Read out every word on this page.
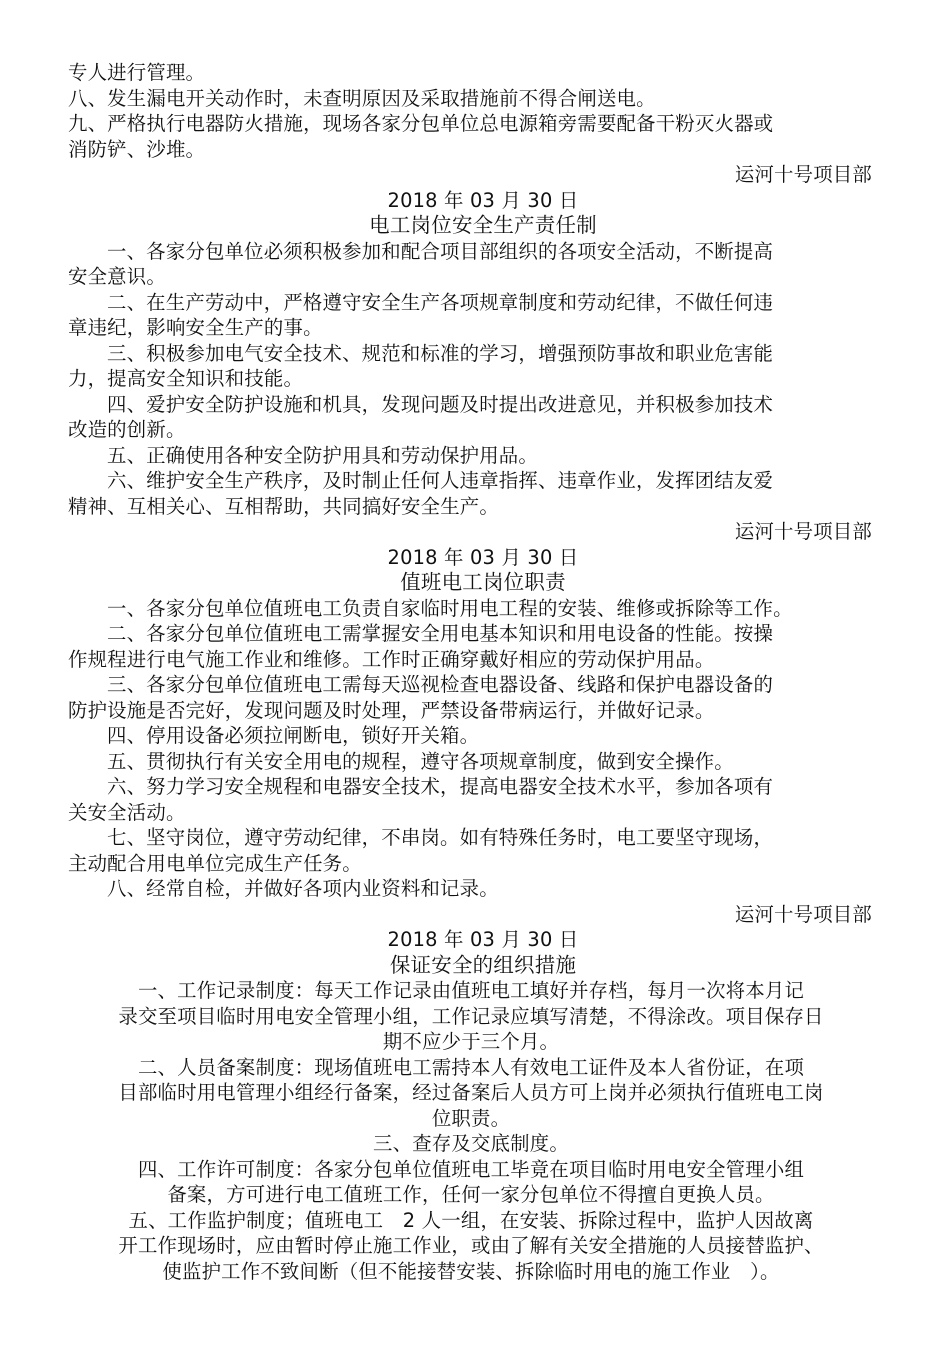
专人进行管理。
八、发生漏电开关动作时，未查明原因及采取措施前不得合闸送电。
九、严格执行电器防火措施，现场各家分包单位总电源箱旁需要配备干粉灭火器或
消防铲、沙堆。
运河十号项目部
2018 年 03 月 30 日
电工岗位安全生产责任制
一、各家分包单位必须积极参加和配合项目部组织的各项安全活动，不断提高
安全意识。
二、在生产劳动中，严格遵守安全生产各项规章制度和劳动纪律，不做任何违
章违纪，影响安全生产的事。
三、积极参加电气安全技术、规范和标准的学习，增强预防事故和职业危害能
力，提高安全知识和技能。
四、爱护安全防护设施和机具，发现问题及时提出改进意见，并积极参加技术
改造的创新。
五、正确使用各种安全防护用具和劳动保护用品。
六、维护安全生产秩序，及时制止任何人违章指挥、违章作业，发挥团结友爱
精神、互相关心、互相帮助，共同搞好安全生产。
运河十号项目部
2018 年 03 月 30 日
值班电工岗位职责
一、各家分包单位值班电工负责自家临时用电工程的安装、维修或拆除等工作。
二、各家分包单位值班电工需掌握安全用电基本知识和用电设备的性能。按操
作规程进行电气施工作业和维修。工作时正确穿戴好相应的劳动保护用品。
三、各家分包单位值班电工需每天巡视检查电器设备、线路和保护电器设备的
防护设施是否完好，发现问题及时处理，严禁设备带病运行，并做好记录。
四、停用设备必须拉闸断电，锁好开关箱。
五、贯彻执行有关安全用电的规程，遵守各项规章制度，做到安全操作。
六、努力学习安全规程和电器安全技术，提高电器安全技术水平，参加各项有
关安全活动。
七、坚守岗位，遵守劳动纪律，不串岗。如有特殊任务时，电工要坚守现场，
主动配合用电单位完成生产任务。
八、经常自检，并做好各项内业资料和记录。
运河十号项目部
2018 年 03 月 30 日
保证安全的组织措施
一、工作记录制度：每天工作记录由值班电工填好并存档，每月一次将本月记
录交至项目临时用电安全管理小组，工作记录应填写清楚，不得涂改。项目保存日
期不应少于三个月。
二、人员备案制度：现场值班电工需持本人有效电工证件及本人省份证，在项
目部临时用电管理小组经行备案，经过备案后人员方可上岗并必须执行值班电工岗
位职责。
三、查存及交底制度。
四、工作许可制度：各家分包单位值班电工毕竟在项目临时用电安全管理小组
备案，方可进行电工值班工作，任何一家分包单位不得擅自更换人员。
五、工作监护制度；值班电工　2 人一组，在安装、拆除过程中，监护人因故离
开工作现场时，应由暂时停止施工作业，或由了解有关安全措施的人员接替监护、
使监护工作不致间断（但不能接替安装、拆除临时用电的施工作业　）。
